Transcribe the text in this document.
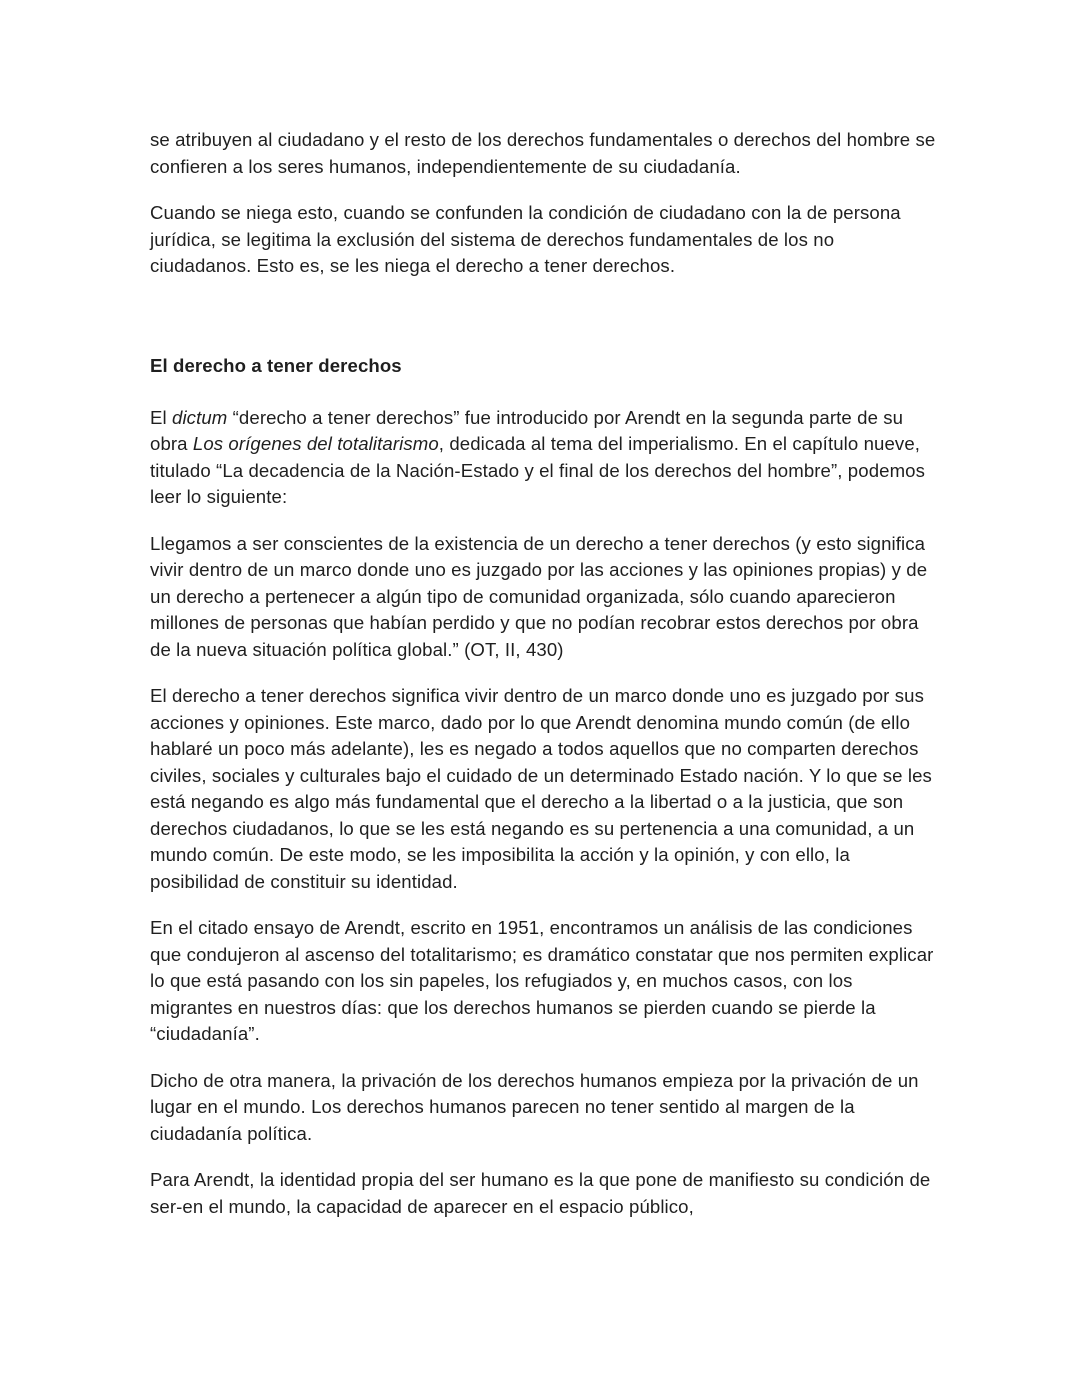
se atribuyen al ciudadano y el resto de los derechos fundamentales o derechos del hombre se confieren a los seres humanos, independientemente de su ciudadanía.

Cuando se niega esto, cuando se confunden la condición de ciudadano con la de persona jurídica, se legitima la exclusión del sistema de derechos fundamentales de los no ciudadanos. Esto es, se les niega el derecho a tener derechos.

El derecho a tener derechos

El dictum “derecho a tener derechos” fue introducido por Arendt en la segunda parte de su obra Los orígenes del totalitarismo, dedicada al tema del imperialismo. En el capítulo nueve, titulado “La decadencia de la Nación-Estado y el final de los derechos del hombre”, podemos leer lo siguiente:

Llegamos a ser conscientes de la existencia de un derecho a tener derechos (y esto significa vivir dentro de un marco donde uno es juzgado por las acciones y las opiniones propias) y de un derecho a pertenecer a algún tipo de comunidad organizada, sólo cuando aparecieron millones de personas que habían perdido y que no podían recobrar estos derechos por obra de la nueva situación política global.” (OT, II, 430)

El derecho a tener derechos significa vivir dentro de un marco donde uno es juzgado por sus acciones y opiniones. Este marco, dado por lo que Arendt denomina mundo común (de ello hablaré un poco más adelante), les es negado a todos aquellos que no comparten derechos civiles, sociales y culturales bajo el cuidado de un determinado Estado nación. Y lo que se les está negando es algo más fundamental que el derecho a la libertad o a la justicia, que son derechos ciudadanos, lo que se les está negando es su pertenencia a una comunidad, a un mundo común. De este modo, se les imposibilita la acción y la opinión, y con ello, la posibilidad de constituir su identidad.

En el citado ensayo de Arendt, escrito en 1951, encontramos un análisis de las condiciones que condujeron al ascenso del totalitarismo; es dramático constatar que nos permiten explicar lo que está pasando con los sin papeles, los refugiados y, en muchos casos, con los migrantes en nuestros días: que los derechos humanos se pierden cuando se pierde la “ciudadanía”.

Dicho de otra manera, la privación de los derechos humanos empieza por la privación de un lugar en el mundo. Los derechos humanos parecen no tener sentido al margen de la ciudadanía política.

Para Arendt, la identidad propia del ser humano es la que pone de manifiesto su condición de ser-en el mundo, la capacidad de aparecer en el espacio público,
